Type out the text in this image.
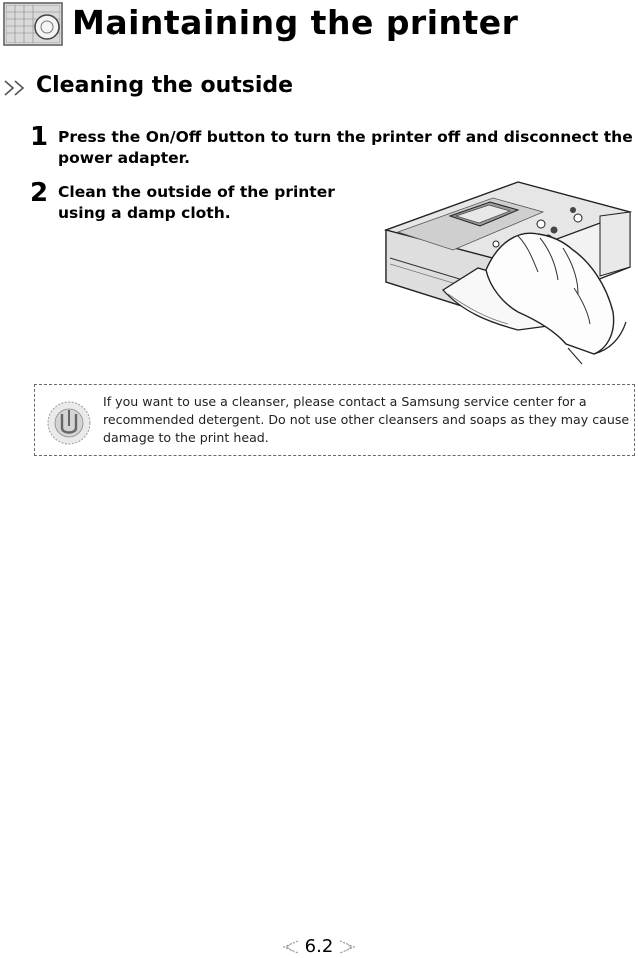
Maintaining the printer
Cleaning the outside
1 Press the On/Off button to turn the printer off and disconnect the power adapter.
2 Clean the outside of the printer using a damp cloth.
If you want to use a cleanser, please contact a Samsung service center for a recommended detergent. Do not use other cleansers and soaps as they may cause damage to the print head.
6.2
